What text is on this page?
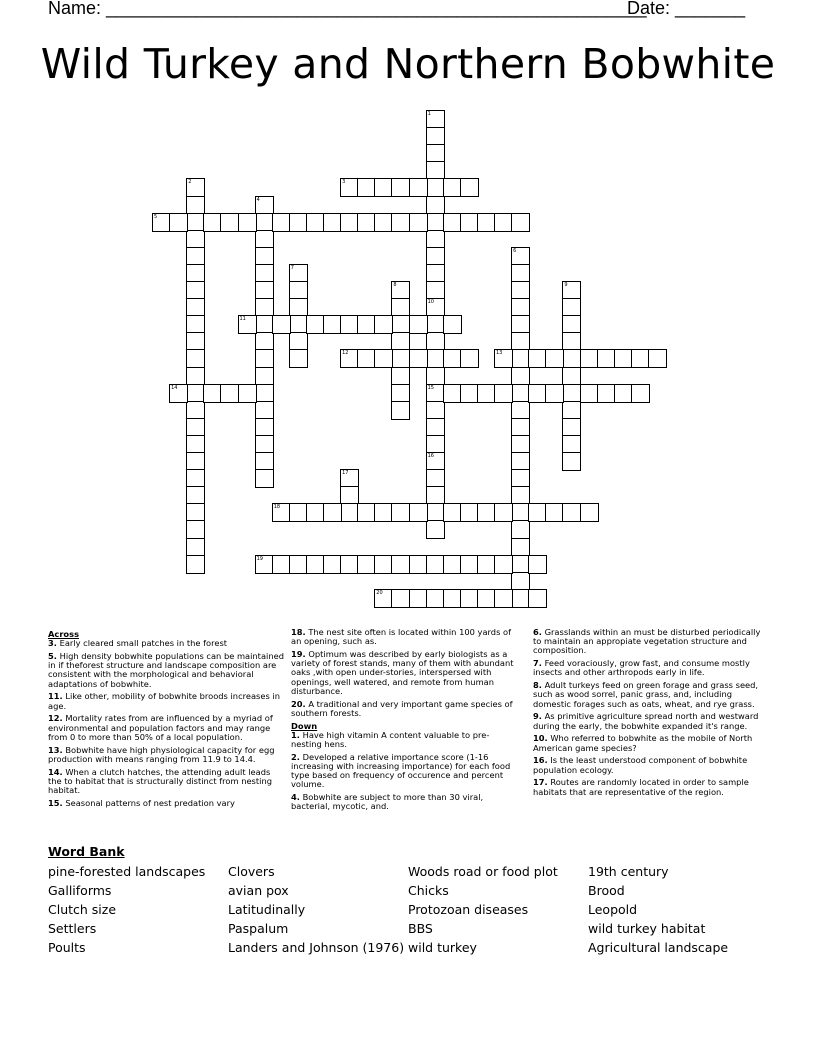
Name: ______________________________________________________
Date: _______
Wild Turkey and Northern Bobwhite
1
10
15
16
2	3
4
5
6
7
8	9
11
12	13
14
17
18
19
20
Across
3. Early cleared small patches in the forest
5. High density bobwhite populations can be maintained in if theforest structure and landscape composition are consistent with the morphological and behavioral adaptations of bobwhite.
11. Like other, mobility of bobwhite broods increases in age.
12. Mortality rates from are influenced by a myriad of environmental and population factors and may range from 0 to more than 50% of a local population.
13. Bobwhite have high physiological capacity for egg production with means ranging from 11.9 to 14.4.
14. When a clutch hatches, the attending adult leads the to habitat that is structurally distinct from nesting habitat.
15. Seasonal patterns of nest predation vary
18. The nest site often is located within 100 yards of an opening, such as.
19. Optimum was described by early biologists as a variety of forest stands, many of them with abundant oaks ,with open under-stories, interspersed with openings, well watered, and remote from human disturbance.
20. A traditional and very important game species of southern forests.
Down
1. Have high vitamin A content valuable to pre-nesting hens.
2. Developed a relative importance score (1-16 increasing with increasing importance) for each food type based on frequency of occurence and percent volume.
4. Bobwhite are subject to more than 30 viral, bacterial, mycotic, and.
6. Grasslands within an must be disturbed periodically to maintain an appropiate vegetation structure and composition.
7. Feed voraciously, grow fast, and consume mostly insects and other arthropods early in life.
8. Adult turkeys feed on green forage and grass seed, such as wood sorrel, panic grass, and, including domestic forages such as oats, wheat, and rye grass.
9. As primitive agriculture spread north and westward during the early, the bobwhite expanded it's range.
10. Who referred to bobwhite as the mobile of North American game species?
16. Is the least understood component of bobwhite population ecology.
17. Routes are randomly located in order to sample habitats that are representative of the region.
Word Bank
pine-forested landscapes
Galliforms
Clutch size
Settlers
Poults
Clovers
avian pox
Latitudinally
Paspalum
Landers and Johnson (1976)
Woods road or food plot
Chicks
Protozoan diseases
BBS
wild turkey
19th century
Brood
Leopold
wild turkey habitat
Agricultural landscape
